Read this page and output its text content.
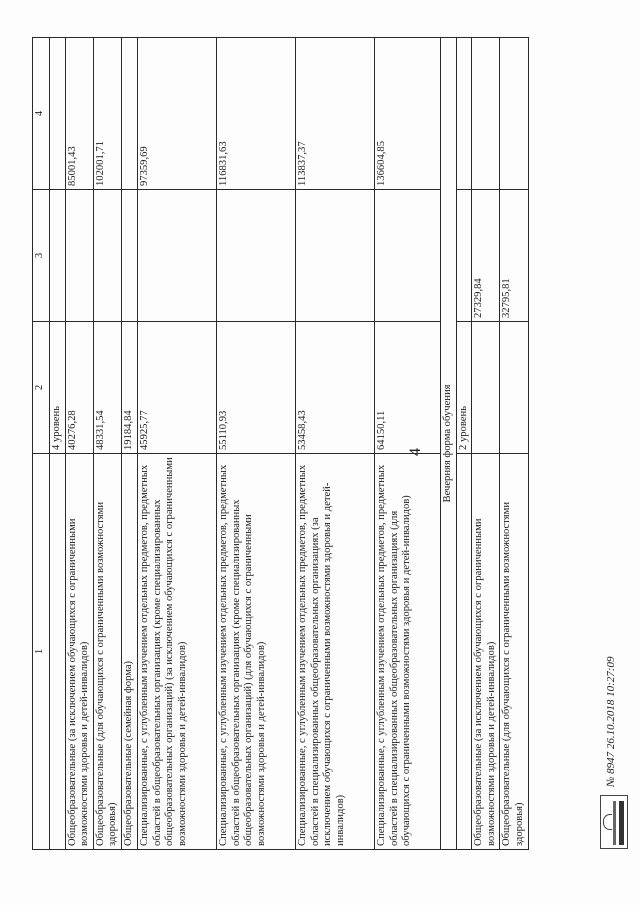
4
1	2	3	4
	4 уровень		
Общеобразовательные (за исключением обучающихся с ограниченными возможностями здоровья и детей-инвалидов)	40276,28		85001,43
Общеобразовательные (для обучающихся с ограниченными возможностями здоровья)	48331,54		102001,71
Общеобразовательные (семейная форма)	19184,84		
Специализированные, с углубленным изучением отдельных предметов, предметных областей в общеобразовательных организациях (кроме специализированных общеобразовательных организаций) (за исключением обучающихся с ограниченными возможностями здоровья и детей-инвалидов)	45925,77		97359,69
Специализированные, с углубленным изучением отдельных предметов, предметных областей в общеобразовательных организациях (кроме специализированных общеобразовательных организаций) (для обучающихся с ограниченными возможностями здоровья и детей-инвалидов)	55110,93		116831,63
Специализированные, с углубленным изучением отдельных предметов, предметных областей в специализированных общеобразовательных организациях (за исключением обучающихся с ограниченными возможностями здоровья и детей-инвалидов)	53458,43		113837,37
Специализированные, с углубленным изучением отдельных предметов, предметных областей в специализированных общеобразовательных организациях (для обучающихся с ограниченными возможностями здоровья и детей-инвалидов)	64150,11		136604,85
Вечерняя форма обучения			
	2 уровень		
Общеобразовательные (за исключением обучающихся с ограниченными возможностями здоровья и детей-инвалидов)		27329,84	
Общеобразовательные (для обучающихся с ограниченными возможностями здоровья)		32795,81	
№ 8947 26.10.2018 10:27:09
